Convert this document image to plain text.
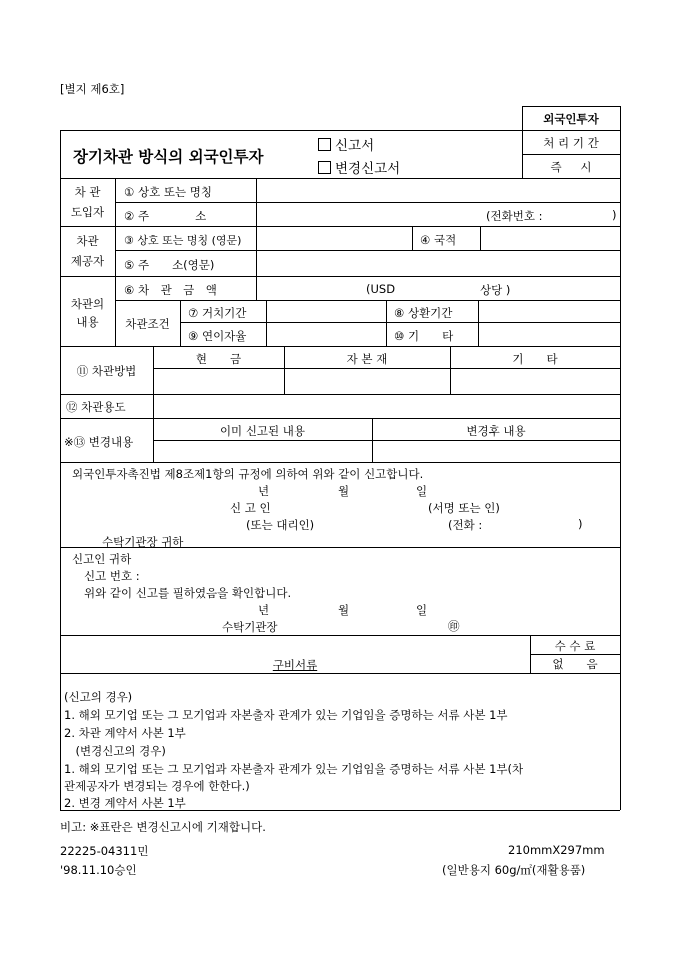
[별지 제6호]
장기차관 방식의 외국인투자
신고서
변경신고서
외국인투자
처 리 기 간
즉 　 시
차 관
도입자
① 상호 또는 명칭
② 주　　　　소	(전화번호 :	)
차관
제공자
③ 상호 또는 명칭 (영문)	④ 국적
⑤ 주　　소(영문)
차관의
내용
⑥ 차　관　금　액	(USD	상당 )
차관조건
⑦ 거치기간	⑧ 상환기간
⑨ 연이자율	⑩ 기　　타
⑪ 차관방법
현　　금	자 본 재	기　　타
⑫ 차관용도
※⑬ 변경내용
이미 신고된 내용	변경후 내용
외국인투자촉진법 제8조제1항의 규정에 의하여 위와 같이 신고합니다.
년	월	일
신 고 인	(서명 또는 인)
(또는 대리인)	(전화 :	)
수탁기관장 귀하
신고인 귀하
신고 번호 :
위와 같이 신고를 필하였음을 확인합니다.
년	월	일
수탁기관장	㊞
구비서류
수 수 료
없　　음
(신고의 경우)
1. 해외 모기업 또는 그 모기업과 자본출자 관계가 있는 기업임을 증명하는 서류 사본 1부
2. 차관 계약서 사본 1부
　(변경신고의 경우)
1. 해외 모기업 또는 그 모기업과 자본출자 관계가 있는 기업임을 증명하는 서류 사본 1부(차
관제공자가 변경되는 경우에 한한다.)
2. 변경 계약서 사본 1부
비고: ※표란은 변경신고시에 기재합니다.
22225-04311민	210mmX297mm
'98.11.10승인	(일반용지 60g/㎡(재활용품)
